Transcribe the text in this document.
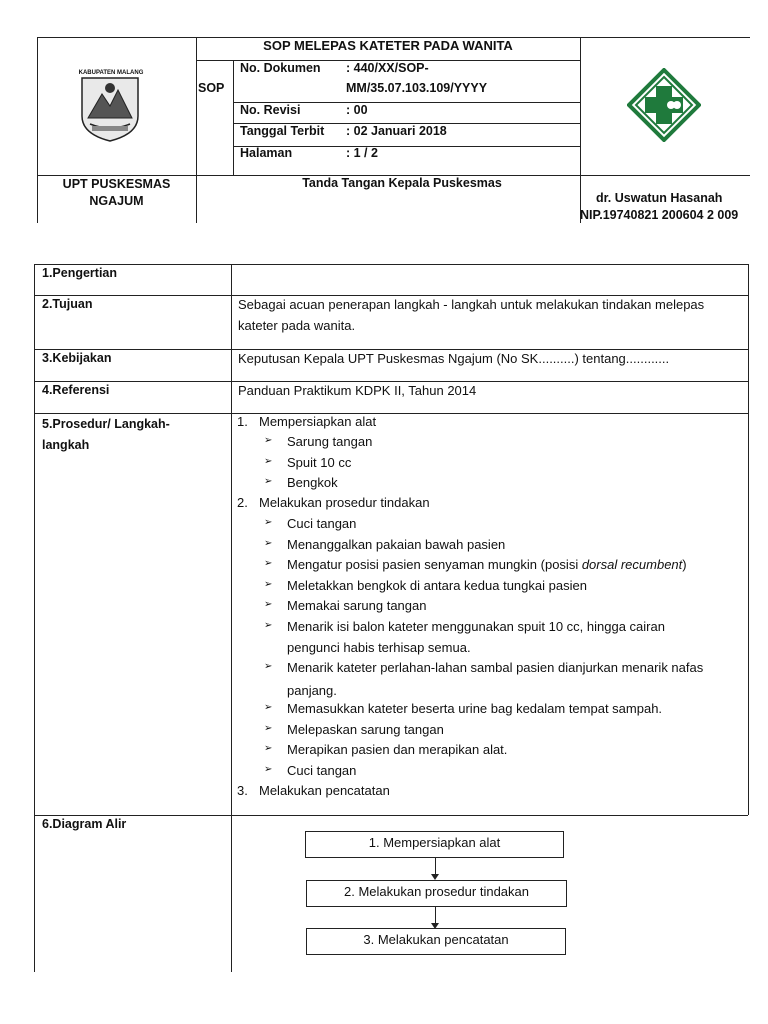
KABUPATEN MALANG
SOP MELEPAS KATETER PADA WANITA
SOP
No. Dokumen : 440/XX/SOP-
MM/35.07.103.109/YYYY
No. Revisi	: 00
Tanggal Terbit : 02 Januari 2018
Halaman	: 1 / 2
UPT PUSKESMAS
NGAJUM
Tanda Tangan Kepala Puskesmas
dr. Uswatun Hasanah
NIP.19740821 200604 2 009
1.Pengertian
2.Tujuan	Sebagai acuan penerapan langkah - langkah untuk melakukan tindakan melepas
kateter pada wanita.
3.Kebijakan	Keputusan Kepala UPT Puskesmas Ngajum (No SK..........) tentang............
4.Referensi	Panduan Praktikum KDPK II, Tahun 2014
5.Prosedur/ Langkah-
langkah
1. Mempersiapkan alat
➢ Sarung tangan
➢ Spuit 10 cc
➢ Bengkok
2. Melakukan prosedur tindakan
➢ Cuci tangan
➢ Menanggalkan pakaian bawah pasien
➢ Mengatur posisi pasien senyaman mungkin (posisi dorsal recumbent)
➢ Meletakkan bengkok di antara kedua tungkai pasien
➢ Memakai sarung tangan
➢ Menarik isi balon kateter menggunakan spuit 10 cc, hingga cairan
pengunci habis terhisap semua.
➢ Menarik kateter perlahan-lahan sambal pasien dianjurkan menarik nafas
panjang.
➢ Memasukkan kateter beserta urine bag kedalam tempat sampah.
➢ Melepaskan sarung tangan
➢ Merapikan pasien dan merapikan alat.
➢ Cuci tangan
3. Melakukan pencatatan
6.Diagram Alir
1. Mempersiapkan alat
2. Melakukan prosedur tindakan
3. Melakukan pencatatan
